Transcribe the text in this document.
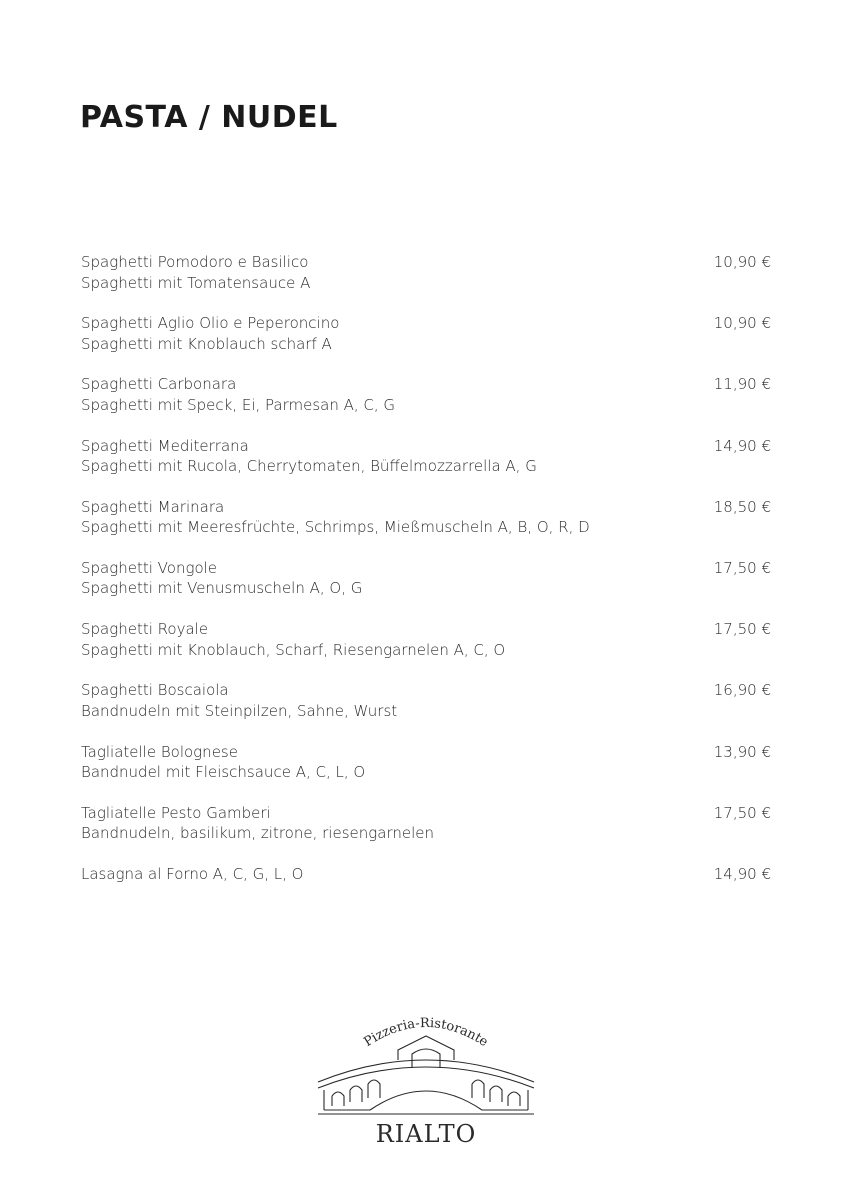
PASTA / NUDEL
Spaghetti Pomodoro e Basilico
Spaghetti mit Tomatensauce A
10,90 €
Spaghetti Aglio Olio e Peperoncino
Spaghetti mit Knoblauch scharf A
10,90 €
Spaghetti Carbonara
Spaghetti mit Speck, Ei, Parmesan A, C, G
11,90 €
Spaghetti Mediterrana
Spaghetti mit Rucola, Cherrytomaten, Büffelmozzarrella A, G
14,90 €
Spaghetti Marinara
Spaghetti mit Meeresfrüchte, Schrimps, Mießmuscheln A, B, O, R, D
18,50 €
Spaghetti Vongole
Spaghetti mit Venusmuscheln A, O, G
17,50 €
Spaghetti Royale
Spaghetti mit Knoblauch, Scharf, Riesengarnelen A, C, O
17,50 €
Spaghetti Boscaiola
Bandnudeln mit Steinpilzen, Sahne, Wurst
16,90 €
Tagliatelle Bolognese
Bandnudel mit Fleischsauce A, C, L, O
13,90 €
Tagliatelle Pesto Gamberi
Bandnudeln, basilikum, zitrone, riesengarnelen
17,50 €
Lasagna al Forno A, C, G, L, O	14,90 €
Pizzeria-Ristorante
RIALTO
